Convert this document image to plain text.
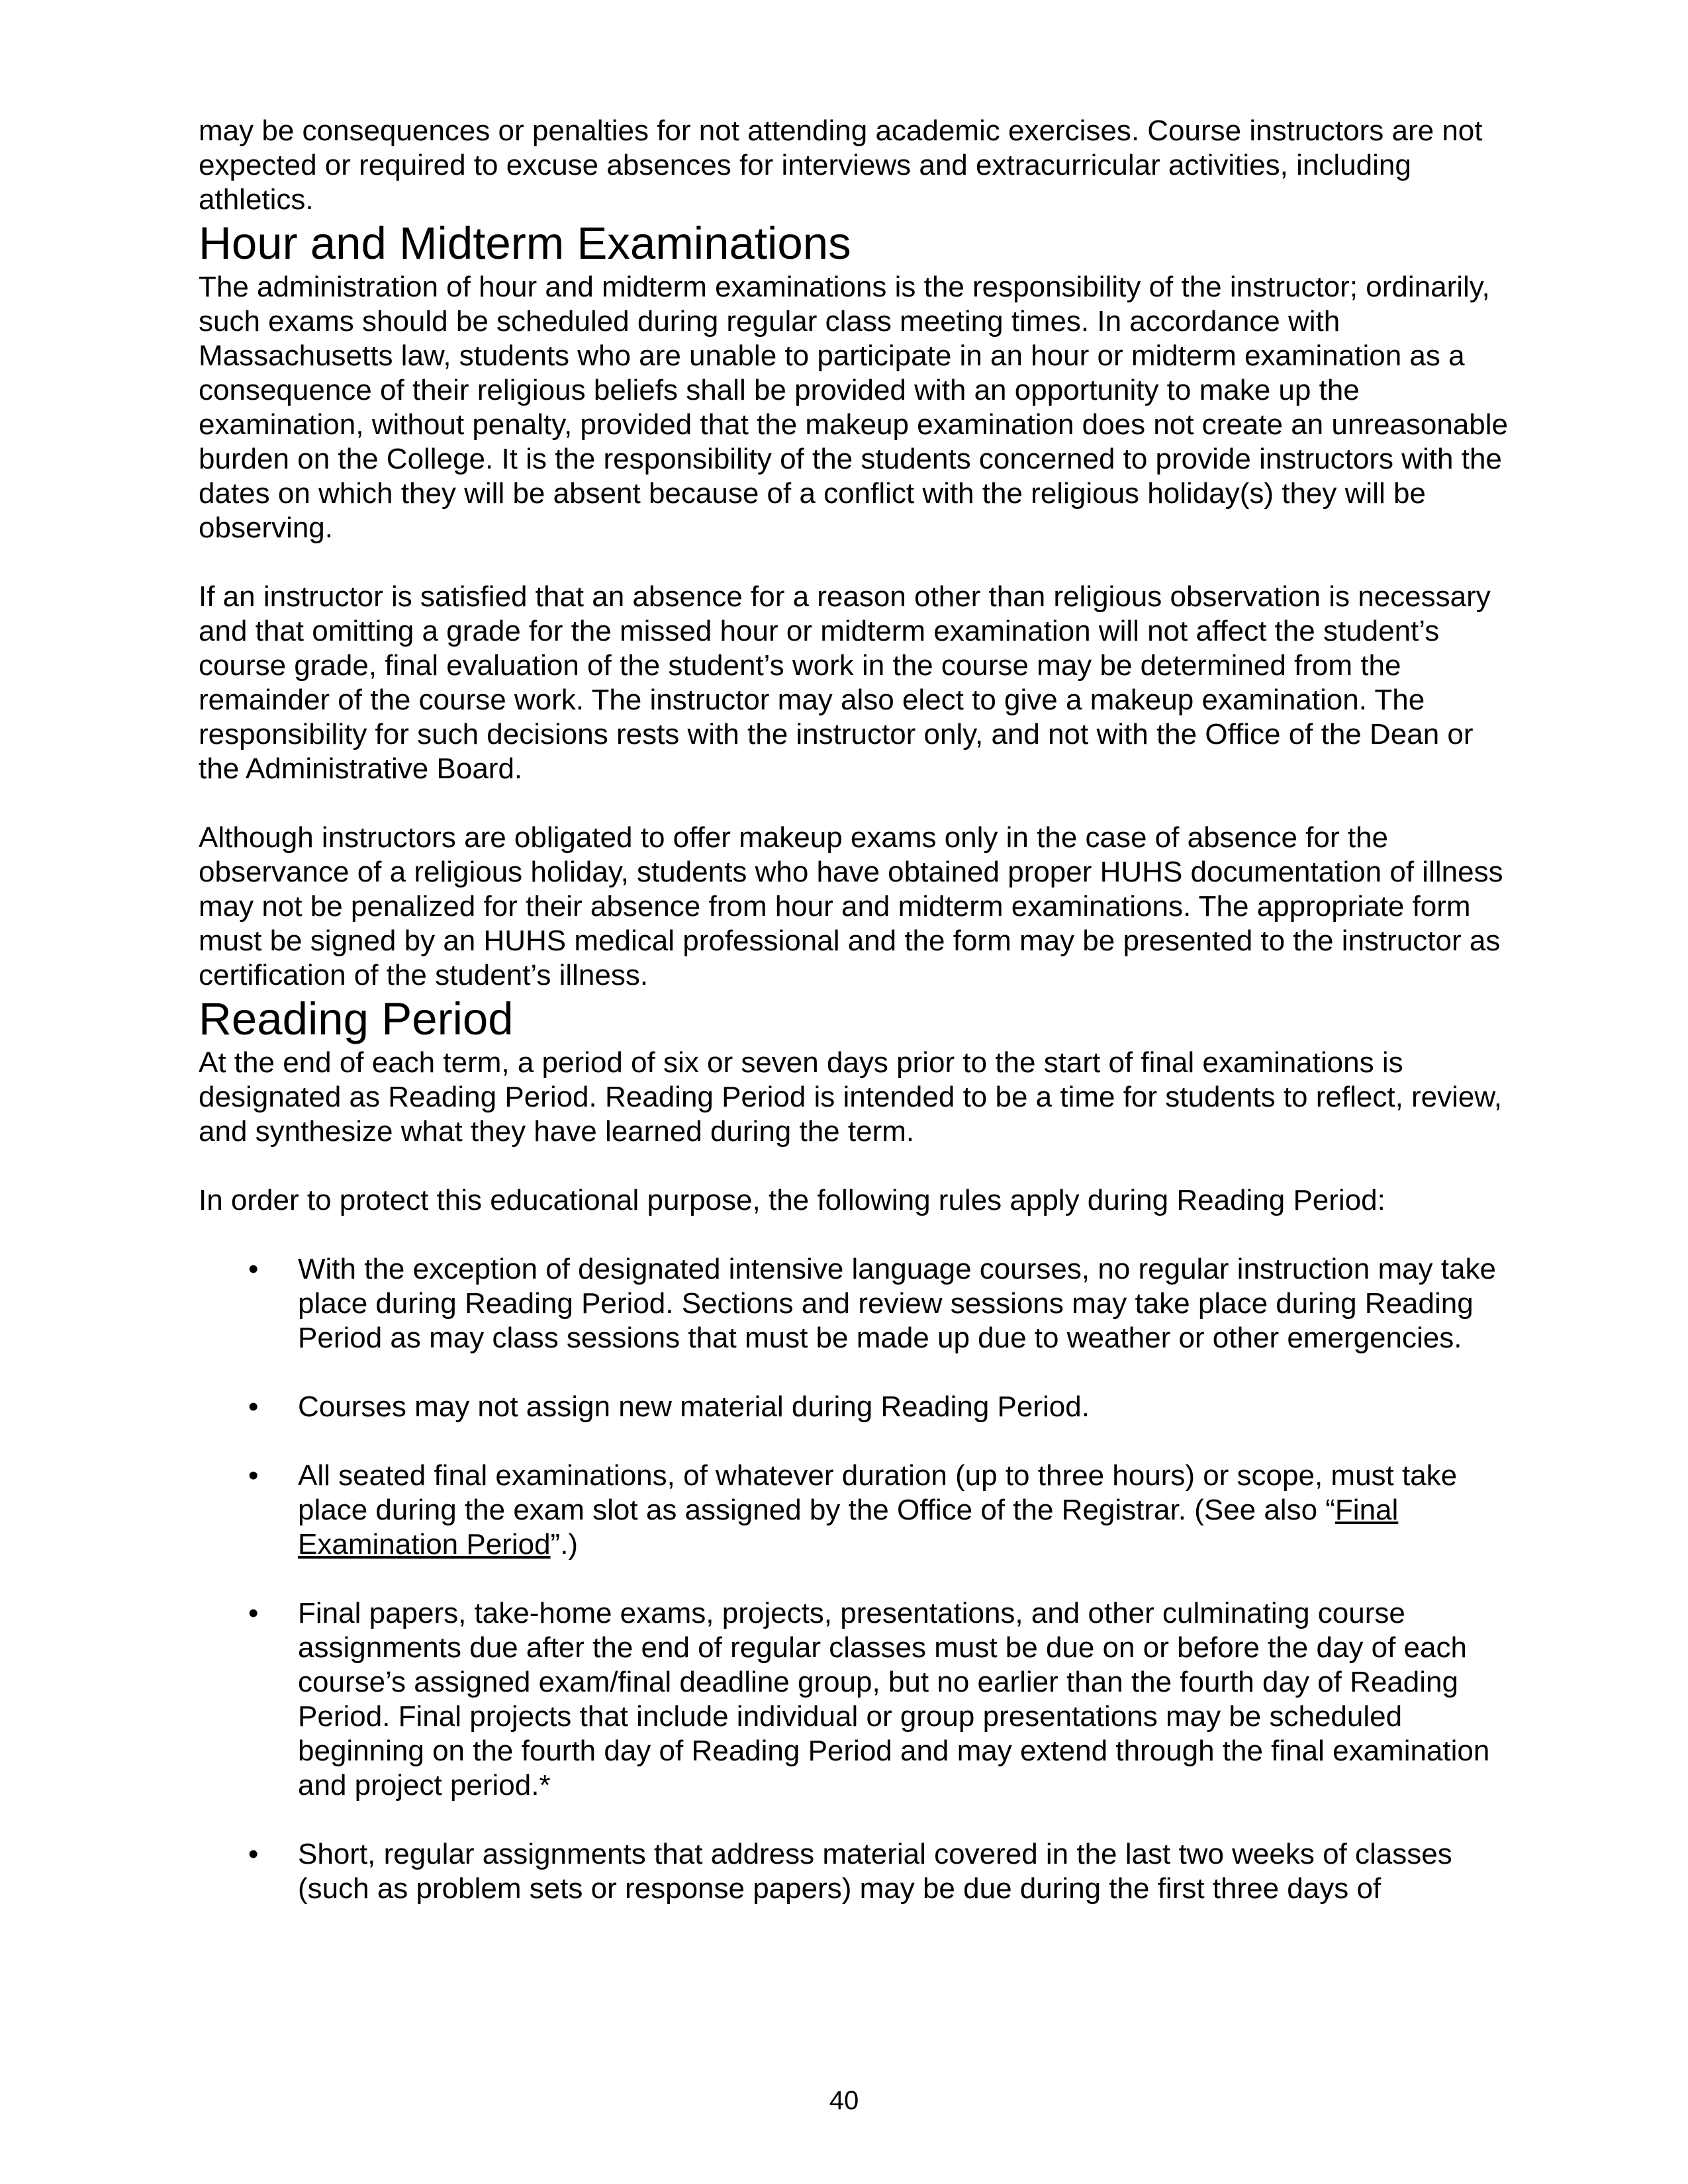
may be consequences or penalties for not attending academic exercises. Course instructors are not expected or required to excuse absences for interviews and extracurricular activities, including athletics.

Hour and Midterm Examinations

The administration of hour and midterm examinations is the responsibility of the instructor; ordinarily, such exams should be scheduled during regular class meeting times. In accordance with Massachusetts law, students who are unable to participate in an hour or midterm examination as a consequence of their religious beliefs shall be provided with an opportunity to make up the examination, without penalty, provided that the makeup examination does not create an unreasonable burden on the College. It is the responsibility of the students concerned to provide instructors with the dates on which they will be absent because of a conflict with the religious holiday(s) they will be observing.

If an instructor is satisfied that an absence for a reason other than religious observation is necessary and that omitting a grade for the missed hour or midterm examination will not affect the student’s course grade, final evaluation of the student’s work in the course may be determined from the remainder of the course work. The instructor may also elect to give a makeup examination. The responsibility for such decisions rests with the instructor only, and not with the Office of the Dean or the Administrative Board.

Although instructors are obligated to offer makeup exams only in the case of absence for the observance of a religious holiday, students who have obtained proper HUHS documentation of illness may not be penalized for their absence from hour and midterm examinations. The appropriate form must be signed by an HUHS medical professional and the form may be presented to the instructor as certification of the student’s illness.

Reading Period

At the end of each term, a period of six or seven days prior to the start of final examinations is designated as Reading Period. Reading Period is intended to be a time for students to reflect, review, and synthesize what they have learned during the term.

In order to protect this educational purpose, the following rules apply during Reading Period:

• With the exception of designated intensive language courses, no regular instruction may take place during Reading Period. Sections and review sessions may take place during Reading Period as may class sessions that must be made up due to weather or other emergencies.
• Courses may not assign new material during Reading Period.
• All seated final examinations, of whatever duration (up to three hours) or scope, must take place during the exam slot as assigned by the Office of the Registrar. (See also “Final Examination Period”.)
• Final papers, take-home exams, projects, presentations, and other culminating course assignments due after the end of regular classes must be due on or before the day of each course’s assigned exam/final deadline group, but no earlier than the fourth day of Reading Period. Final projects that include individual or group presentations may be scheduled beginning on the fourth day of Reading Period and may extend through the final examination and project period.*
• Short, regular assignments that address material covered in the last two weeks of classes (such as problem sets or response papers) may be due during the first three days of
40
